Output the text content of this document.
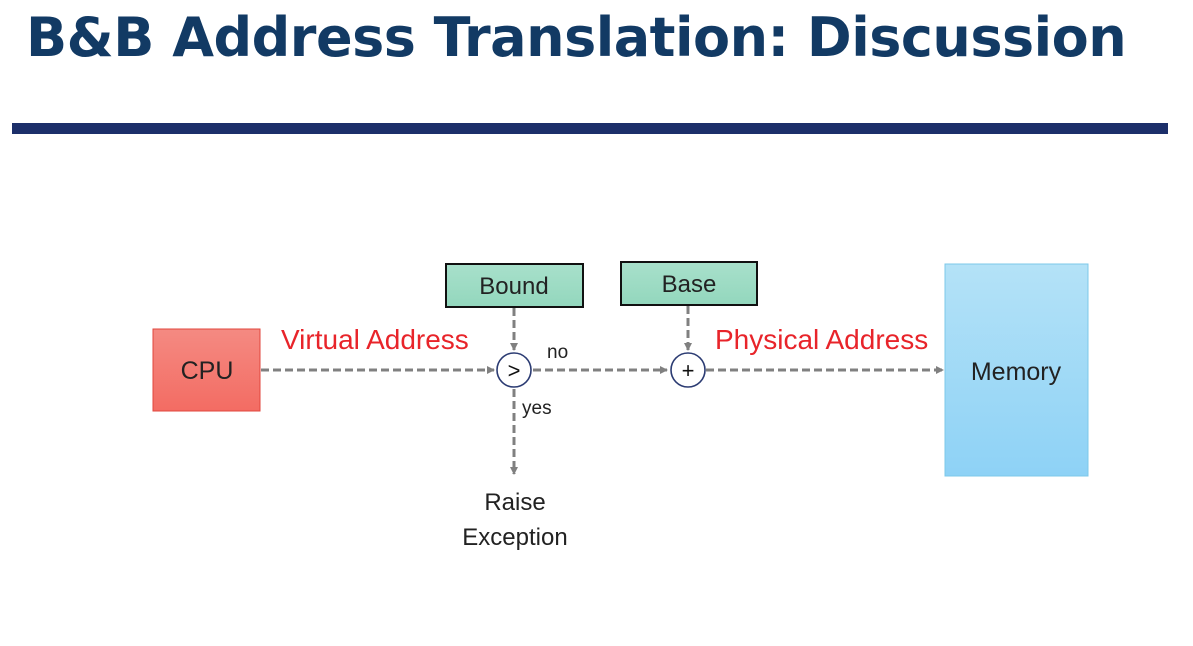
B&B Address Translation: Discussion
CPU	Memory
Bound	Base
>	+
Virtual Address	Physical Address
no
yes
Raise
Exception
